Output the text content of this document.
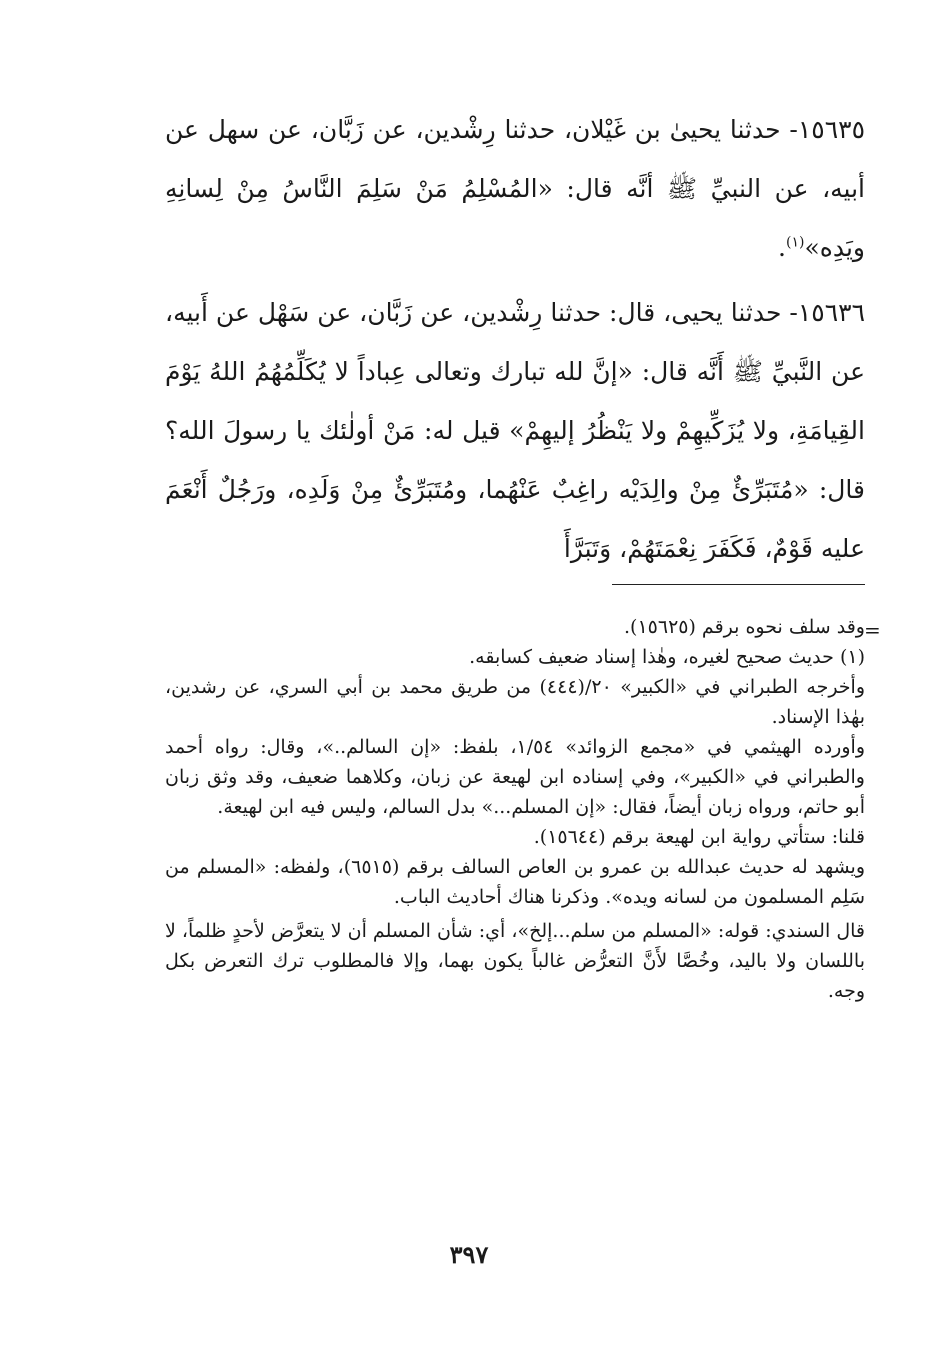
١٥٦٣٥- حدثنا يحيىٰ بن غَيْلان، حدثنا رِشْدين، عن زَبَّان، عن سهل عن أبيه، عن النبيِّ ﷺ أنَّه قال: «المُسْلِمُ مَنْ سَلِمَ النَّاسُ مِنْ لِسانِهِ ويَدِه»$^{(١)}$.

١٥٦٣٦- حدثنا يحيى، قال: حدثنا رِشْدين، عن زَبَّان، عن سَهْل عن أَبيه، عن النَّبيِّ ﷺ أَنَّه قال: «إنَّ لله تبارك وتعالى عِباداً لا يُكَلِّمُهُمُ اللهُ يَوْمَ القِيامَةِ، ولا يُزَكِّيهِمْ ولا يَنْظُرُ إليهِمْ» قيل له: مَنْ أولٰئك يا رسولَ الله؟ قال: «مُتَبَرِّئٌ مِنْ والِدَيْه راغِبٌ عَنْهُما، ومُتَبَرِّئٌ مِنْ وَلَدِه، ورَجُلٌ أَنْعَمَ عليه قَوْمٌ، فَكَفَرَ نِعْمَتَهُمْ، وَتَبَرَّأَ

=

وقد سلف نحوه برقم (١٥٦٢٥).

(١) حديث صحيح لغيره، وهٰذا إسناد ضعيف كسابقه.

وأخرجه الطبراني في «الكبير» ٢٠/(٤٤٤) من طريق محمد بن أبي السري، عن رشدين، بهٰذا الإسناد.

وأورده الهيثمي في «مجمع الزوائد» ١/٥٤، بلفظ: «إن السالم..»، وقال: رواه أحمد والطبراني في «الكبير»، وفي إسناده ابن لهيعة عن زبان، وكلاهما ضعيف، وقد وثق زبان أبو حاتم، ورواه زبان أيضاً، فقال: «إن المسلم...» بدل السالم، وليس فيه ابن لهيعة.

قلنا: ستأتي رواية ابن لهيعة برقم (١٥٦٤٤).

ويشهد له حديث عبدالله بن عمرو بن العاص السالف برقم (٦٥١٥)، ولفظه: «المسلم من سَلِم المسلمون من لسانه ويده». وذكرنا هناك أحاديث الباب.

قال السندي: قوله: «المسلم من سلم...إلخ»، أي: شأن المسلم أن لا يتعرَّض لأحدٍ ظلماً، لا باللسان ولا باليد، وخُصَّا لأَنَّ التعرُّض غالباً يكون بهما، وإلا فالمطلوب ترك التعرض بكل وجه.

٣٩٧
